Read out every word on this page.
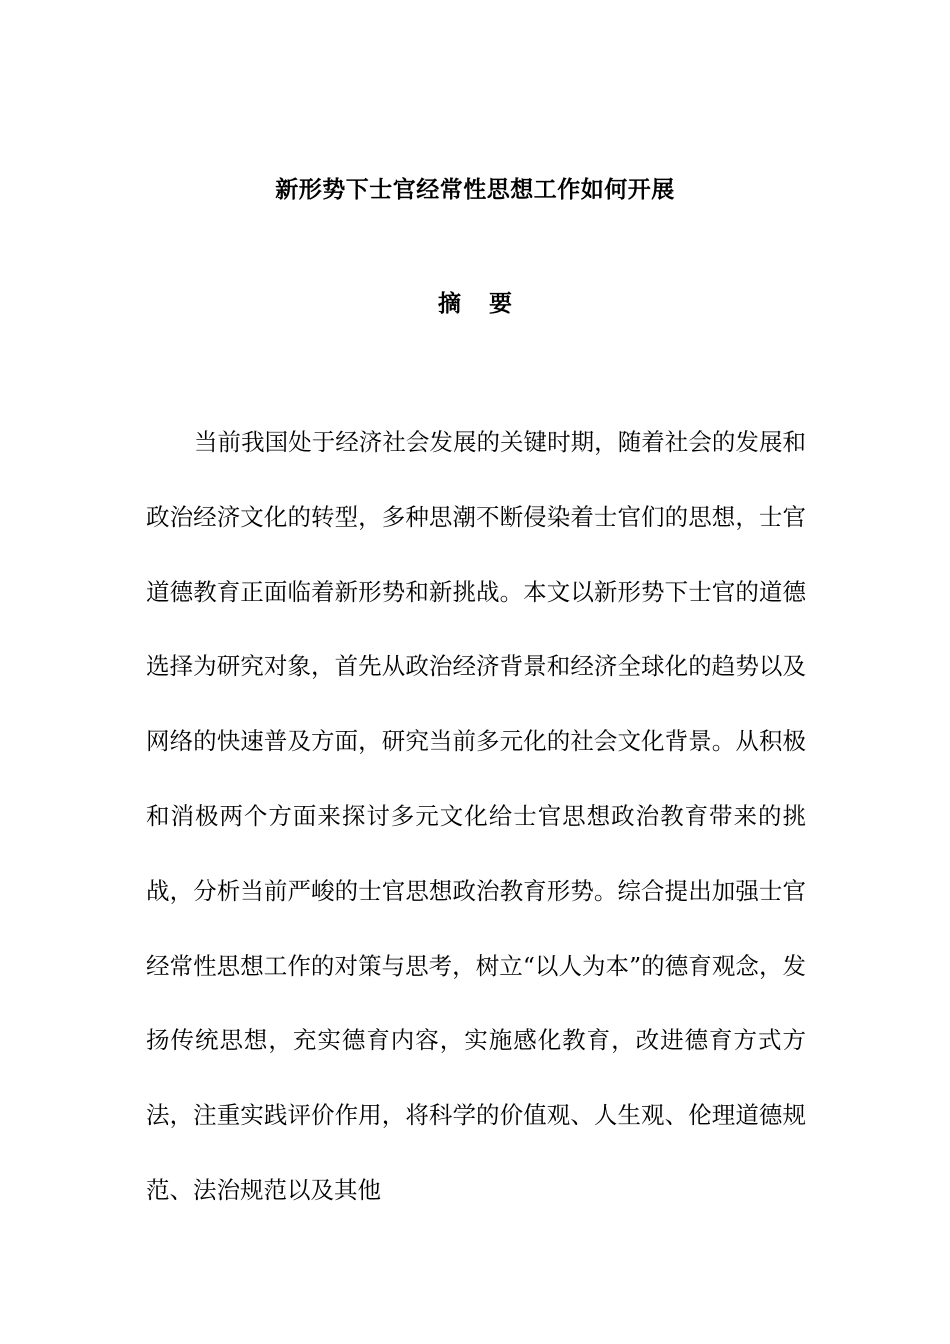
新形势下士官经常性思想工作如何开展
摘 要

当前我国处于经济社会发展的关键时期，随着社会的发展和政治经济文化的转型，多种思潮不断侵染着士官们的思想，士官道德教育正面临着新形势和新挑战。本文以新形势下士官的道德选择为研究对象，首先从政治经济背景和经济全球化的趋势以及网络的快速普及方面，研究当前多元化的社会文化背景。从积极和消极两个方面来探讨多元文化给士官思想政治教育带来的挑战，分析当前严峻的士官思想政治教育形势。综合提出加强士官经常性思想工作的对策与思考，树立“以人为本”的德育观念，发扬传统思想，充实德育内容，实施感化教育，改进德育方式方法，注重实践评价作用，将科学的价值观、人生观、伦理道德规范、法治规范以及其他
